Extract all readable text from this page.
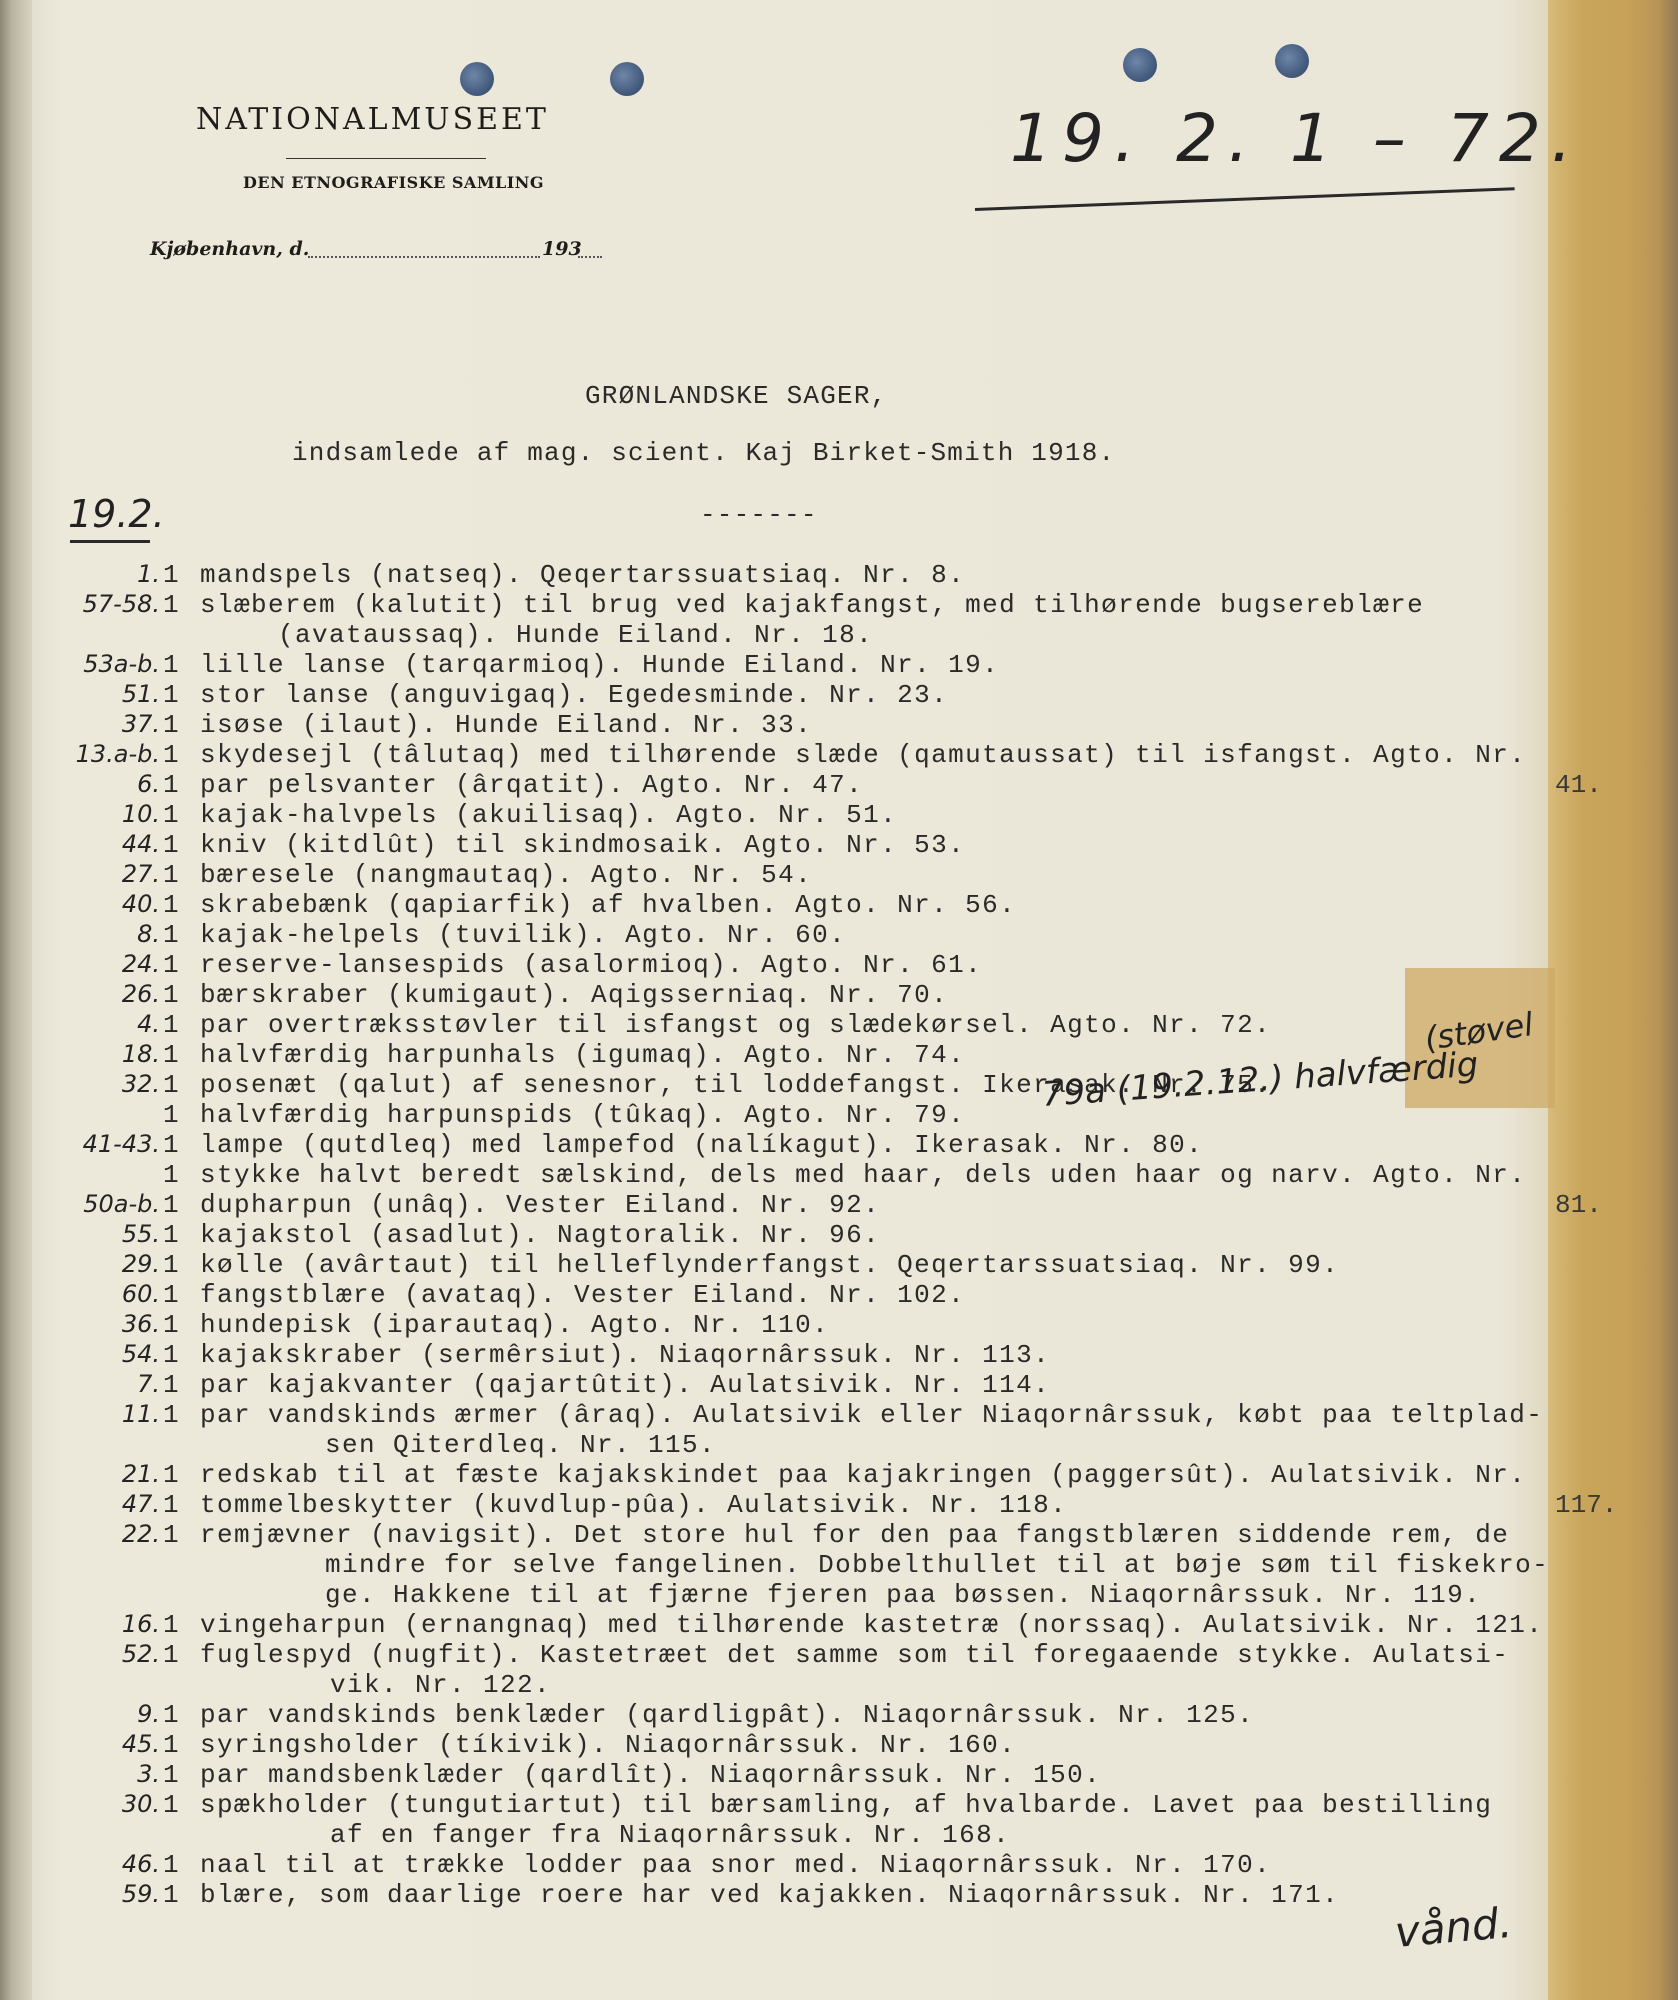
NATIONALMUSEET
DEN ETNOGRAFISKE SAMLING
Kjøbenhavn, d.	193
19. 2. 1 – 72.
GRØNLANDSKE SAGER,
indsamlede af mag. scient. Kaj Birket-Smith 1918.
19.2.	-------
1. 1 mandspels (natseq). Qeqertarssuatsiaq. Nr. 8.
57-58. 1 slæberem (kalutit) til brug ved kajakfangst, med tilhørende bugsereblære
(avataussaq). Hunde Eiland. Nr. 18.
53a-b. 1 lille lanse (tarqarmioq). Hunde Eiland. Nr. 19.
51. 1 stor lanse (anguvigaq). Egedesminde. Nr. 23.
37. 1 isøse (ilaut). Hunde Eiland. Nr. 33.
13.a-b. 1 skydesejl (tâlutaq) med tilhørende slæde (qamutaussat) til isfangst. Agto. Nr.
41.
6. 1 par pelsvanter (ârqatit). Agto. Nr. 47.
10. 1 kajak-halvpels (akuilisaq). Agto. Nr. 51.
44. 1 kniv (kitdlût) til skindmosaik. Agto. Nr. 53.
27. 1 bæresele (nangmautaq). Agto. Nr. 54.
40. 1 skrabebænk (qapiarfik) af hvalben. Agto. Nr. 56.
8. 1 kajak-helpels (tuvilik). Agto. Nr. 60.
24. 1 reserve-lansespids (asalormioq). Agto. Nr. 61.
26. 1 bærskraber (kumigaut). Aqigsserniaq. Nr. 70.
4. 1 par overtræksstøvler til isfangst og slædekørsel. Agto. Nr. 72.
18. 1 halvfærdig harpunhals (igumaq). Agto. Nr. 74.
32. 1 posenæt (qalut) af senesnor, til loddefangst. Ikerasak. Nr. 75.
1 halvfærdig harpunspids (tûkaq). Agto. Nr. 79.
41-43. 1 lampe (qutdleq) med lampefod (nalíkagut). Ikerasak. Nr. 80.
1 stykke halvt beredt sælskind, dels med haar, dels uden haar og narv. Agto. Nr.
81.
50a-b. 1 dupharpun (unâq). Vester Eiland. Nr. 92.
55. 1 kajakstol (asadlut). Nagtoralik. Nr. 96.
29. 1 kølle (avârtaut) til helleflynderfangst. Qeqertarssuatsiaq. Nr. 99.
60. 1 fangstblære (avataq). Vester Eiland. Nr. 102.
36. 1 hundepisk (iparautaq). Agto. Nr. 110.
54. 1 kajakskraber (sermêrsiut). Niaqornârssuk. Nr. 113.
7. 1 par kajakvanter (qajartûtit). Aulatsivik. Nr. 114.
11. 1 par vandskinds ærmer (âraq). Aulatsivik eller Niaqornârssuk, købt paa teltplad-
sen Qiterdleq. Nr. 115.
21. 1 redskab til at fæste kajakskindet paa kajakringen (paggersût). Aulatsivik. Nr.
117.
47. 1 tommelbeskytter (kuvdlup-pûa). Aulatsivik. Nr. 118.
22. 1 remjævner (navigsit). Det store hul for den paa fangstblæren siddende rem, de
mindre for selve fangelinen. Dobbelthullet til at bøje søm til fiskekro-
ge. Hakkene til at fjærne fjeren paa bøssen. Niaqornârssuk. Nr. 119.
16. 1 vingeharpun (ernangnaq) med tilhørende kastetræ (norssaq). Aulatsivik. Nr. 121.
52. 1 fuglespyd (nugfit). Kastetræet det samme som til foregaaende stykke. Aulatsi-
vik. Nr. 122.
9. 1 par vandskinds benklæder (qardligpât). Niaqornârssuk. Nr. 125.
45. 1 syringsholder (tíkivik). Niaqornârssuk. Nr. 160.
3. 1 par mandsbenklæder (qardlît). Niaqornârssuk. Nr. 150.
30. 1 spækholder (tungutiartut) til bærsamling, af hvalbarde. Lavet paa bestilling
af en fanger fra Niaqornârssuk. Nr. 168.
46. 1 naal til at trække lodder paa snor med. Niaqornârssuk. Nr. 170.
59. 1 blære, som daarlige roere har ved kajakken. Niaqornârssuk. Nr. 171.
79a (19.2.12.) halvfærdig
(støvel
vånd.
